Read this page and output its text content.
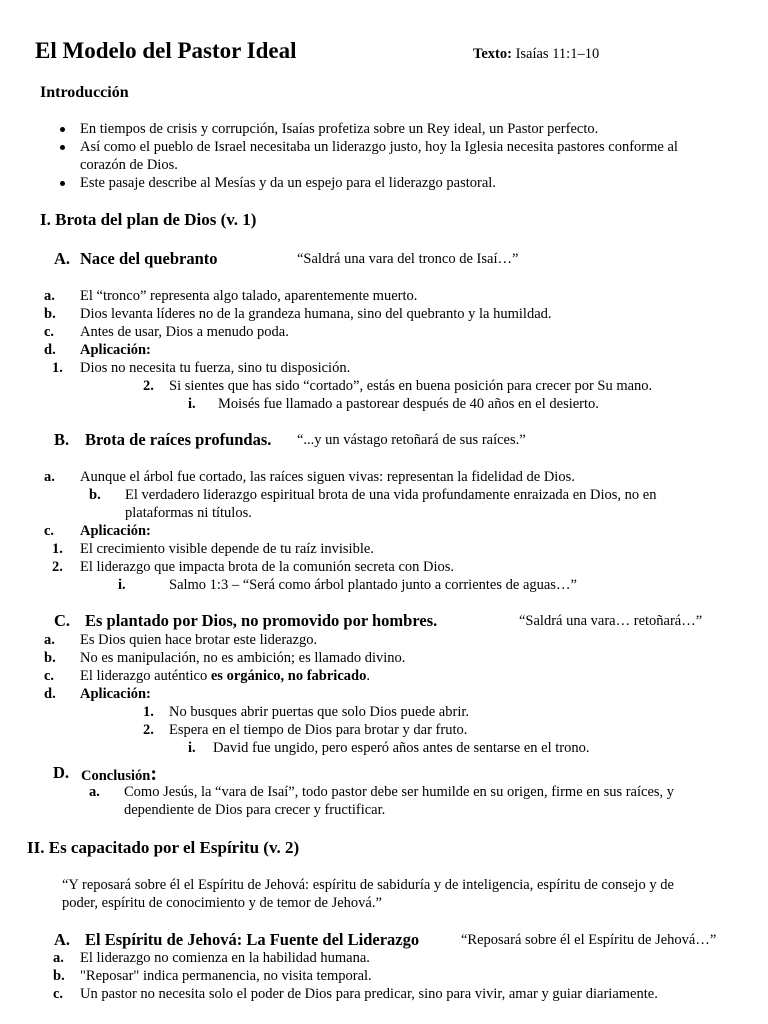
El Modelo del Pastor Ideal	Texto: Isaías 11:1–10
Introducción
En tiempos de crisis y corrupción, Isaías profetiza sobre un Rey ideal, un Pastor perfecto.
Así como el pueblo de Israel necesitaba un liderazgo justo, hoy la Iglesia necesita pastores conforme al
corazón de Dios.
Este pasaje describe al Mesías y da un espejo para el liderazgo pastoral.
I. Brota del plan de Dios (v. 1)
A. Nace del quebranto	“Saldrá una vara del tronco de Isaí…”
a. El “tronco” representa algo talado, aparentemente muerto.
b. Dios levanta líderes no de la grandeza humana, sino del quebranto y la humildad.
c. Antes de usar, Dios a menudo poda.
d. Aplicación:
1. Dios no necesita tu fuerza, sino tu disposición.
2. Si sientes que has sido “cortado”, estás en buena posición para crecer por Su mano.
i. Moisés fue llamado a pastorear después de 40 años en el desierto.
B. Brota de raíces profundas. “...y un vástago retoñará de sus raíces.”
a. Aunque el árbol fue cortado, las raíces siguen vivas: representan la fidelidad de Dios.
b. El verdadero liderazgo espiritual brota de una vida profundamente enraizada en Dios, no en
plataformas ni títulos.
c. Aplicación:
1. El crecimiento visible depende de tu raíz invisible.
2. El liderazgo que impacta brota de la comunión secreta con Dios.
i.	Salmo 1:3 – “Será como árbol plantado junto a corrientes de aguas…”
C. Es plantado por Dios, no promovido por hombres.	“Saldrá una vara… retoñará…”
a. Es Dios quien hace brotar este liderazgo.
b. No es manipulación, no es ambición; es llamado divino.
c. El liderazgo auténtico es orgánico, no fabricado.
d. Aplicación:
1. No busques abrir puertas que solo Dios puede abrir.
2. Espera en el tiempo de Dios para brotar y dar fruto.
i. David fue ungido, pero esperó años antes de sentarse en el trono.
D. Conclusión:
a. Como Jesús, la “vara de Isaí”, todo pastor debe ser humilde en su origen, firme en sus raíces, y
dependiente de Dios para crecer y fructificar.
II. Es capacitado por el Espíritu (v. 2)
“Y reposará sobre él el Espíritu de Jehová: espíritu de sabiduría y de inteligencia, espíritu de consejo y de
poder, espíritu de conocimiento y de temor de Jehová.”
A. El Espíritu de Jehová: La Fuente del Liderazgo	“Reposará sobre él el Espíritu de Jehová…”
a. El liderazgo no comienza en la habilidad humana.
b. "Reposar" indica permanencia, no visita temporal.
c. Un pastor no necesita solo el poder de Dios para predicar, sino para vivir, amar y guiar diariamente.
